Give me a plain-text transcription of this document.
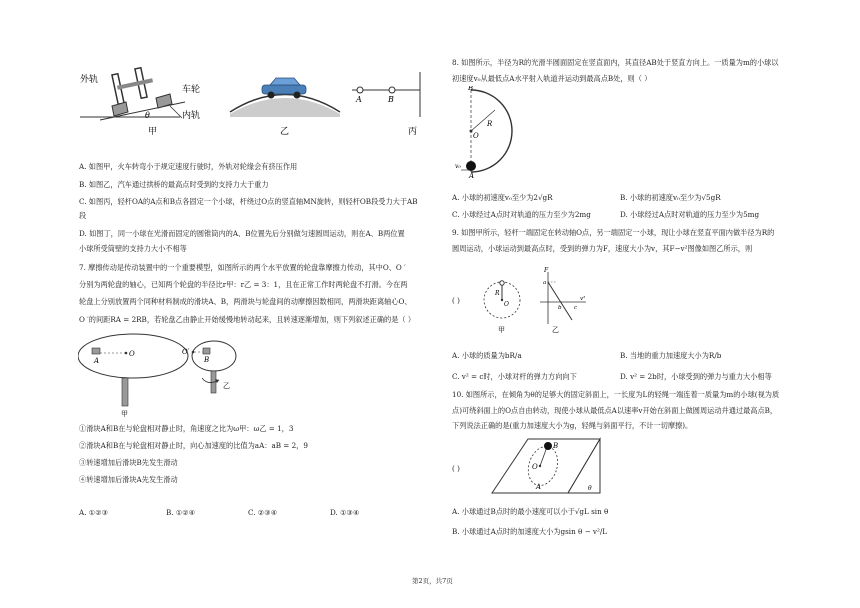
外轨
车轮
内轨
θ
甲	乙
A	B
丙
A. 如图甲，火车转弯小于规定速度行驶时，外轨对轮缘会有挤压作用
B. 如图乙，汽车通过拱桥的最高点时受到的支持力大于重力
C. 如图丙，轻杆OA的A点和B点各固定一个小球，杆绕过O点的竖直轴MN旋转，则轻杆OB段受力大于AB
段
D. 如图丁，同一小球在光滑而固定的圆锥筒内的A、B位置先后分别做匀速圆周运动，则在A、B两位置
小球所受筒壁的支持力大小不相等
7. 摩擦传动是传动装置中的一个重要模型，如图所示的两个水平放置的轮盘靠摩擦力传动，其中O、O ′
分别为两轮盘的轴心，已知两个轮盘的半径比r甲：r乙 = 3：1，且在正常工作时两轮盘不打滑。今在两
轮盘上分别放置两个同种材料制成的滑块A、B，两滑块与轮盘间的动摩擦因数相同，两滑块距离轴心O、
O ′的间距RA = 2RB，若轮盘乙由静止开始缓慢地转动起来，且转速逐渐增加，则下列叙述正确的是（ ）
A
O	O′
B
甲
乙
①滑块A和B在与轮盘相对静止时，角速度之比为ω甲：ω乙 = 1，3
②滑块A和B在与轮盘相对静止时，向心加速度的比值为aA：aB = 2，9
③转速增加后滑块B先发生滑动
④转速增加后滑块A先发生滑动
A. ①②③	B. ①②④	C. ②③④	D. ①③④
8. 如图所示，半径为R的光滑半圆面固定在竖直面内，其直径AB处于竖直方向上。一质量为m的小球以
初速度v₀从最低点A水平射入轨道并运动到最高点B处，则（ ）
B
R
O
A
v₀
A. 小球的初速度v₀至少为2√gR	B. 小球的初速度v₀至少为√5gR
C. 小球经过A点时对轨道的压力至少为2mg	D. 小球经过A点时对轨道的压力至少为5mg
9. 如图甲所示，轻杆一端固定在转动轴O点，另一端固定一小球，现让小球在竖直平面内做半径为R的
圆周运动，小球运动到最高点时，受到的弹力为F，速度大小为v，其F−v²图像如图乙所示，则
( )
R
O
甲
F
a
b c
v²
乙
A. 小球的质量为bR/a	B. 当地的重力加速度大小为R/b
C. v² = c时，小球对杆的弹力方向向下	D. v² = 2b时，小球受到的弹力与重力大小相等
10. 如图所示，在倾角为θ的足够大的固定斜面上，一长度为L的轻绳一端连着一质量为m的小球(视为质
点)可绕斜面上的O点自由转动，现使小球从最低点A以速率v开始在斜面上做圆周运动并通过最高点B，
下列说法正确的是(重力加速度大小为g，轻绳与斜面平行，不计一切摩擦)。
( )
B
O
A	θ
A. 小球通过B点时的最小速度可以小于√gL sin θ
B. 小球通过A点时的加速度大小为gsin θ − v²/L
第2页，共7页
